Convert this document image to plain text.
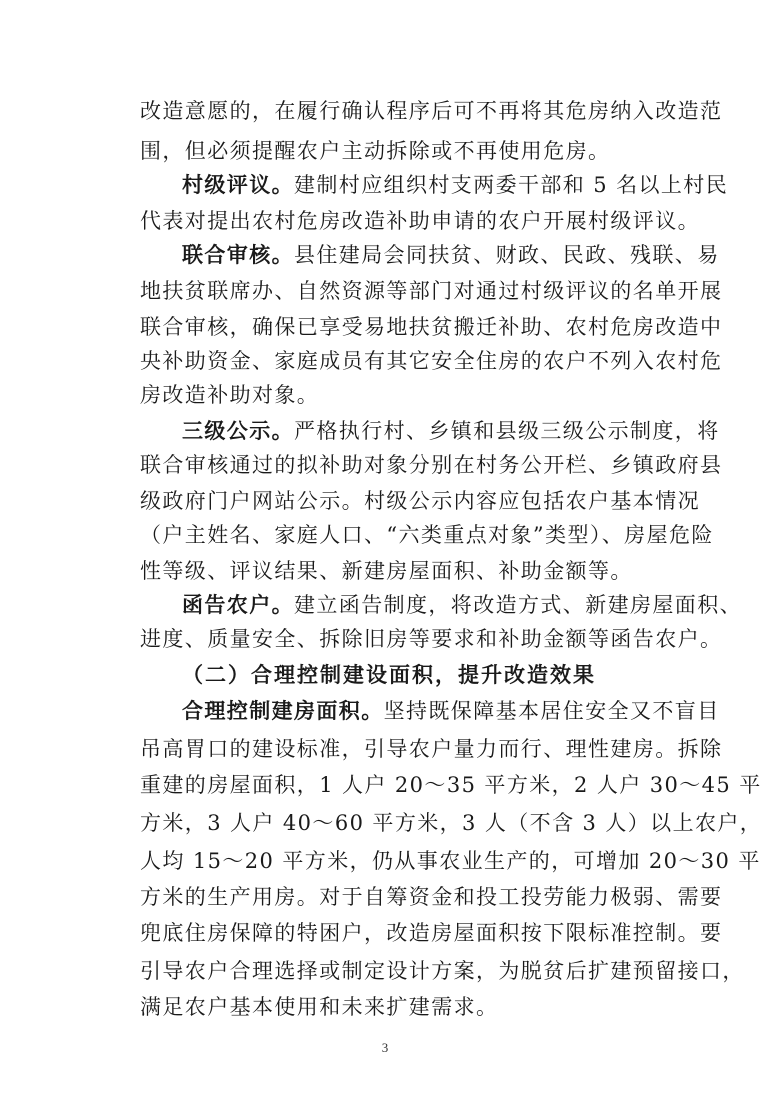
改造意愿的，在履行确认程序后可不再将其危房纳入改造范
围，但必须提醒农户主动拆除或不再使用危房。
村级评议。建制村应组织村支两委干部和 5 名以上村民
代表对提出农村危房改造补助申请的农户开展村级评议。
联合审核。县住建局会同扶贫、财政、民政、残联、易
地扶贫联席办、自然资源等部门对通过村级评议的名单开展
联合审核，确保已享受易地扶贫搬迁补助、农村危房改造中
央补助资金、家庭成员有其它安全住房的农户不列入农村危
房改造补助对象。
三级公示。严格执行村、乡镇和县级三级公示制度，将
联合审核通过的拟补助对象分别在村务公开栏、乡镇政府县
级政府门户网站公示。村级公示内容应包括农户基本情况
（户主姓名、家庭人口、“六类重点对象”类型）、房屋危险
性等级、评议结果、新建房屋面积、补助金额等。
函告农户。建立函告制度，将改造方式、新建房屋面积、
进度、质量安全、拆除旧房等要求和补助金额等函告农户。
（二）合理控制建设面积，提升改造效果
合理控制建房面积。坚持既保障基本居住安全又不盲目
吊高胃口的建设标准，引导农户量力而行、理性建房。拆除
重建的房屋面积，1 人户 20～35 平方米，2 人户 30～45 平
方米，3 人户 40～60 平方米，3 人（不含 3 人）以上农户，
人均 15～20 平方米，仍从事农业生产的，可增加 20～30 平
方米的生产用房。对于自筹资金和投工投劳能力极弱、需要
兜底住房保障的特困户，改造房屋面积按下限标准控制。要
引导农户合理选择或制定设计方案，为脱贫后扩建预留接口，
满足农户基本使用和未来扩建需求。
3
